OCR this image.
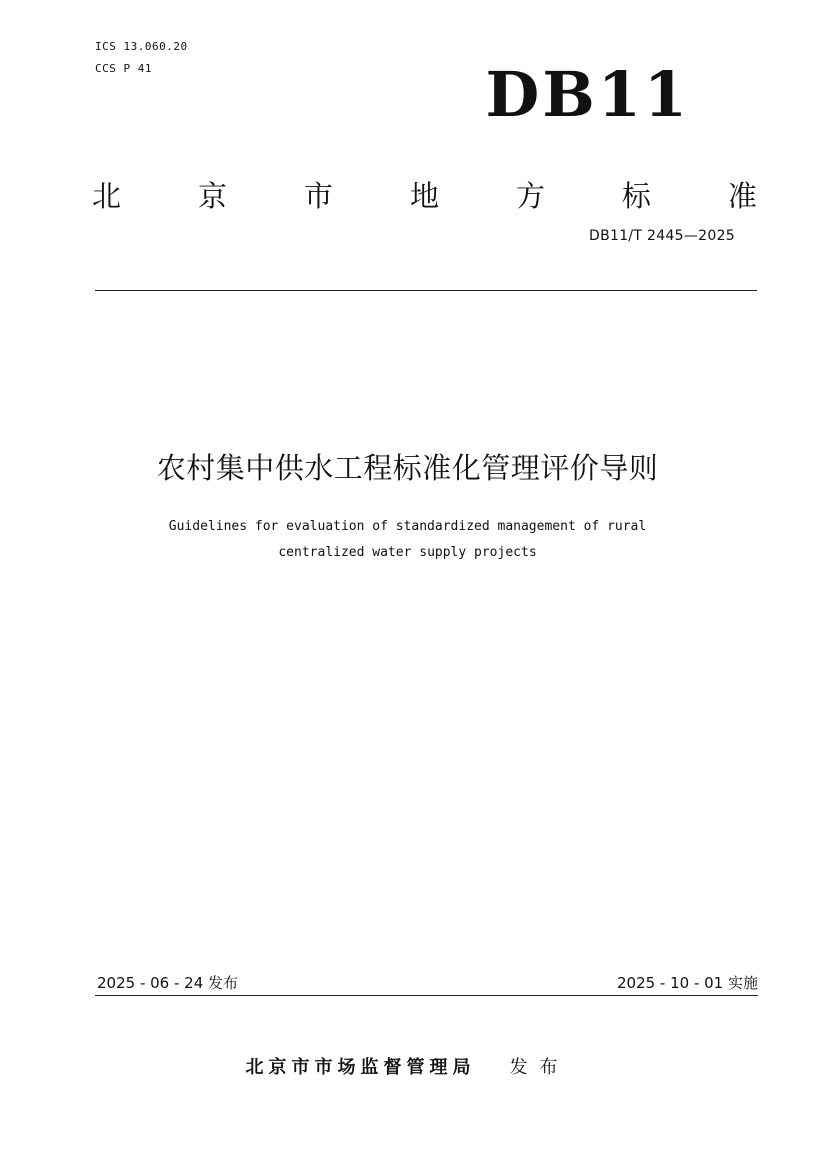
ICS 13.060.20
CCS P 41	DB11
北	京	市	地	方	标	准
DB11/T 2445—2025
农村集中供水工程标准化管理评价导则
Guidelines for evaluation of standardized management of rural
centralized water supply projects
2025 - 06 - 24 发布	2025 - 10 - 01 实施
北京市市场监督管理局 发布
